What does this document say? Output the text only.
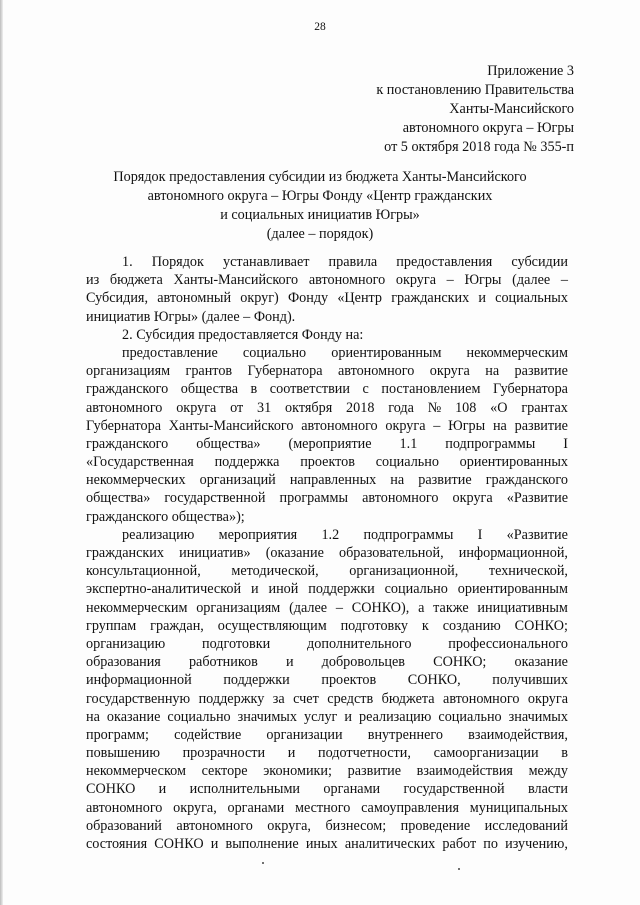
28
Приложение 3
к постановлению Правительства
Ханты-Мансийского
автономного округа – Югры
от 5 октября 2018 года № 355-п
Порядок предоставления субсидии из бюджета Ханты-Мансийского
автономного округа – Югры Фонду «Центр гражданских
и социальных инициатив Югры»
(далее – порядок)
1. Порядок устанавливает правила предоставления субсидии
из бюджета Ханты-Мансийского автономного округа – Югры (далее –
Субсидия, автономный округ) Фонду «Центр гражданских и социальных
инициатив Югры» (далее – Фонд).
2. Субсидия предоставляется Фонду на:
предоставление социально ориентированным некоммерческим
организациям грантов Губернатора автономного округа на развитие
гражданского общества в соответствии с постановлением Губернатора
автономного округа от 31 октября 2018 года № 108 «О грантах
Губернатора Ханты-Мансийского автономного округа – Югры на развитие
гражданского общества» (мероприятие 1.1 подпрограммы I
«Государственная поддержка проектов социально ориентированных
некоммерческих организаций направленных на развитие гражданского
общества» государственной программы автономного округа «Развитие
гражданского общества»);
реализацию мероприятия 1.2 подпрограммы I «Развитие
гражданских инициатив» (оказание образовательной, информационной,
консультационной, методической, организационной, технической,
экспертно-аналитической и иной поддержки социально ориентированным
некоммерческим организациям (далее – СОНКО), а также инициативным
группам граждан, осуществляющим подготовку к созданию СОНКО;
организацию	подготовки	дополнительного	профессионального
образования работников и добровольцев СОНКО; оказание
информационной поддержки проектов СОНКО, получивших
государственную поддержку за счет средств бюджета автономного округа
на оказание социально значимых услуг и реализацию социально значимых
программ; содействие организации внутреннего взаимодействия,
повышению прозрачности и подотчетности, самоорганизации в
некоммерческом секторе экономики; развитие взаимодействия между
СОНКО и исполнительными органами государственной власти
автономного округа, органами местного самоуправления муниципальных
образований автономного округа, бизнесом; проведение исследований
состояния СОНКО и выполнение иных аналитических работ по изучению,
